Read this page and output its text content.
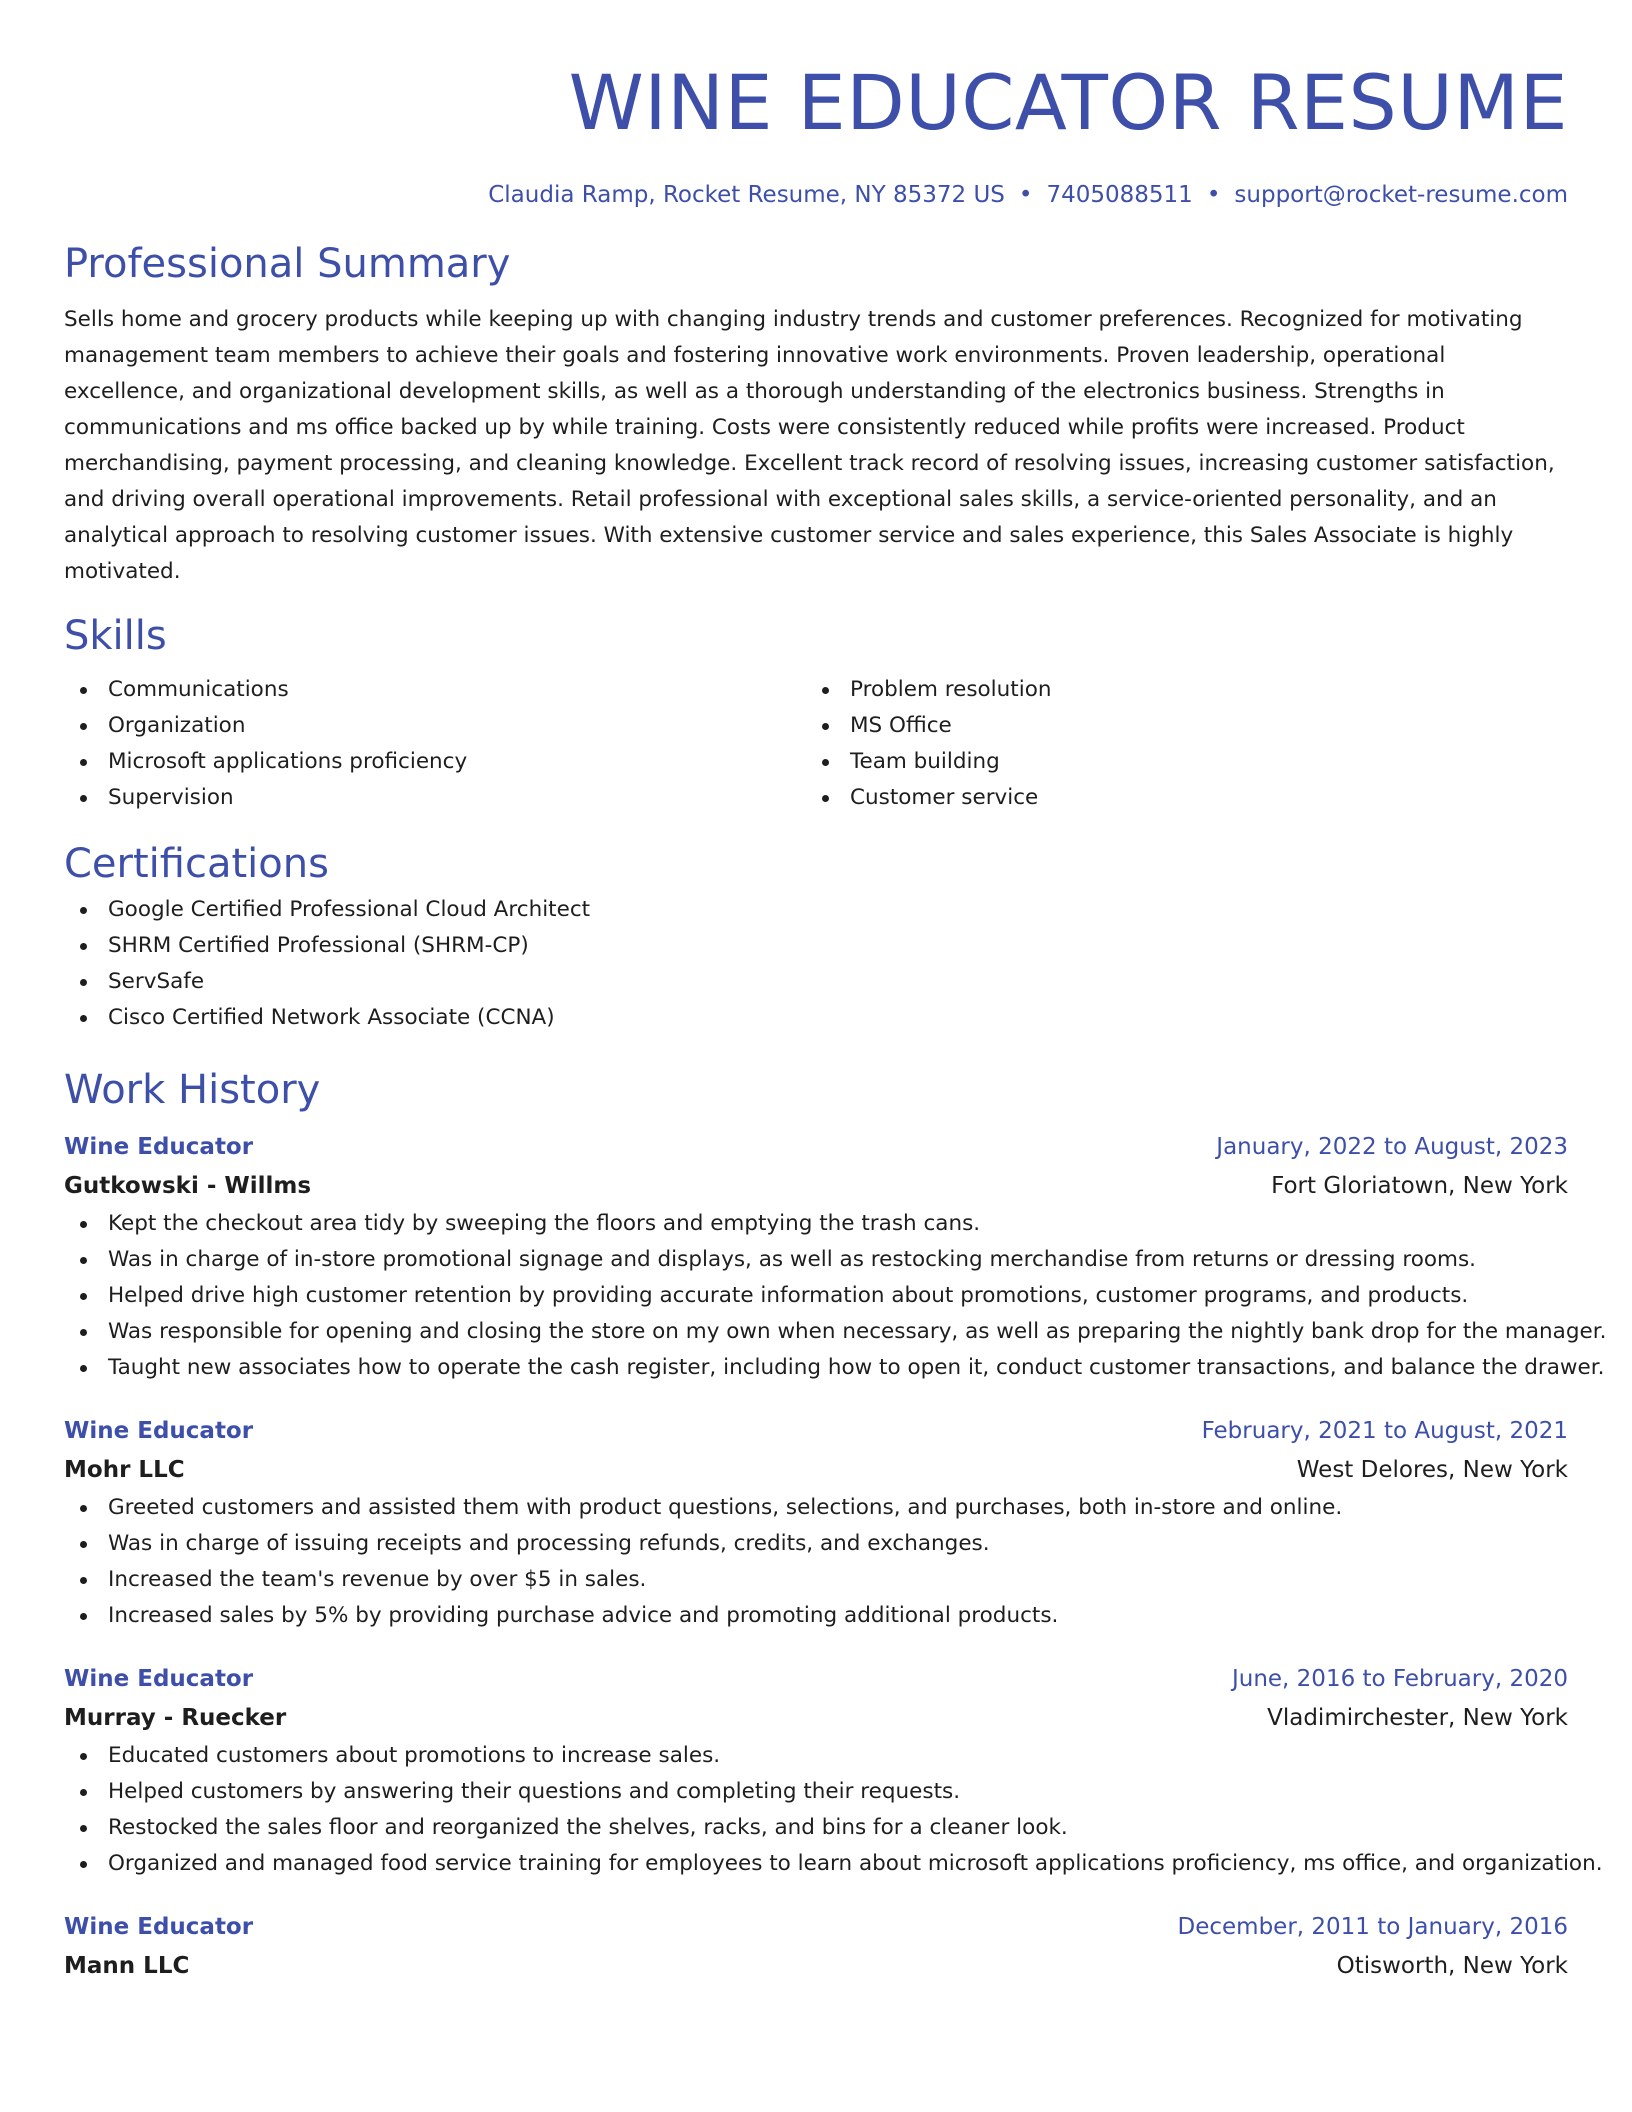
WINE EDUCATOR RESUME
Claudia Ramp, Rocket Resume, NY 85372 US • 7405088511 • support@rocket-resume.com
Professional Summary

Sells home and grocery products while keeping up with changing industry trends and customer preferences. Recognized for motivating management team members to achieve their goals and fostering innovative work environments. Proven leadership, operational excellence, and organizational development skills, as well as a thorough understanding of the electronics business. Strengths in communications and ms office backed up by while training. Costs were consistently reduced while profits were increased. Product merchandising, payment processing, and cleaning knowledge. Excellent track record of resolving issues, increasing customer satisfaction, and driving overall operational improvements. Retail professional with exceptional sales skills, a service-oriented personality, and an analytical approach to resolving customer issues. With extensive customer service and sales experience, this Sales Associate is highly motivated.

Skills
Communications
Organization
Microsoft applications proficiency
Supervision
Problem resolution
MS Office
Team building
Customer service
Certifications
Google Certified Professional Cloud Architect
SHRM Certified Professional (SHRM-CP)
ServSafe
Cisco Certified Network Associate (CCNA)
Work History
Wine Educator	January, 2022 to August, 2023
Gutkowski - Willms	Fort Gloriatown, New York
Kept the checkout area tidy by sweeping the floors and emptying the trash cans.
Was in charge of in-store promotional signage and displays, as well as restocking merchandise from returns or dressing rooms.
Helped drive high customer retention by providing accurate information about promotions, customer programs, and products.
Was responsible for opening and closing the store on my own when necessary, as well as preparing the nightly bank drop for the manager.
Taught new associates how to operate the cash register, including how to open it, conduct customer transactions, and balance the drawer.
Wine Educator	February, 2021 to August, 2021
Mohr LLC	West Delores, New York
Greeted customers and assisted them with product questions, selections, and purchases, both in-store and online.
Was in charge of issuing receipts and processing refunds, credits, and exchanges.
Increased the team's revenue by over $5 in sales.
Increased sales by 5% by providing purchase advice and promoting additional products.
Wine Educator	June, 2016 to February, 2020
Murray - Ruecker	Vladimirchester, New York
Educated customers about promotions to increase sales.
Helped customers by answering their questions and completing their requests.
Restocked the sales floor and reorganized the shelves, racks, and bins for a cleaner look.
Organized and managed food service training for employees to learn about microsoft applications proficiency, ms office, and organization.
Wine Educator	December, 2011 to January, 2016
Mann LLC	Otisworth, New York
